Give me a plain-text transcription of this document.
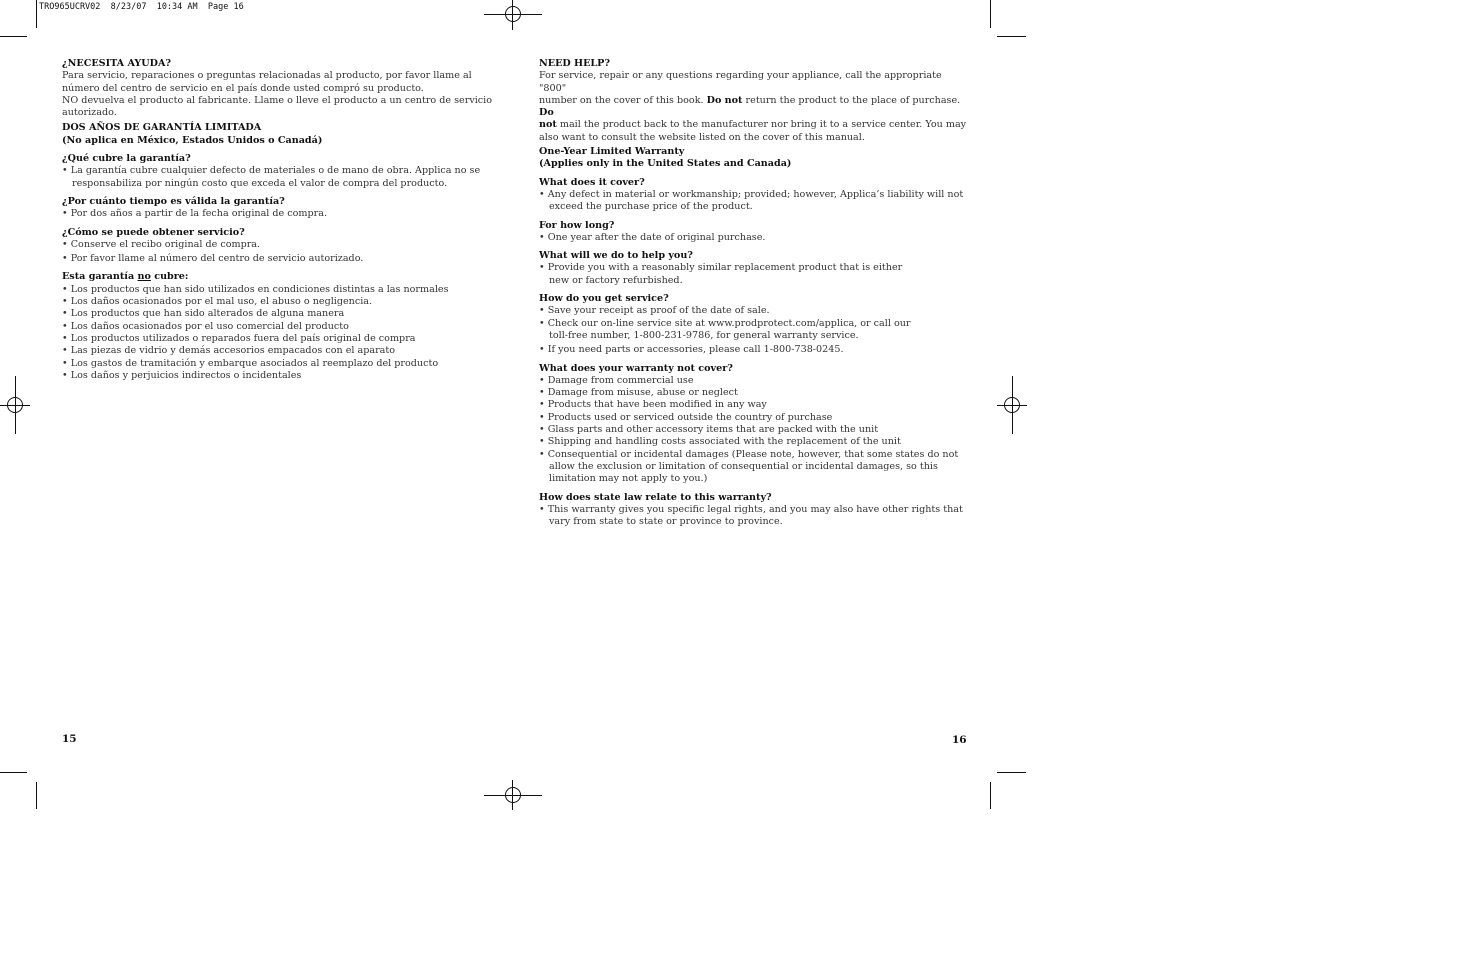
TRO965UCRV02  8/23/07  10:34 AM  Page 16

¿NECESITA AYUDA?

Para servicio, reparaciones o preguntas relacionadas al producto, por favor llame al

número del centro de servicio en el país donde usted compró su producto.

NO devuelva el producto al fabricante. Llame o lleve el producto a un centro de servicio

autorizado.

DOS AÑOS DE GARANTÍA LIMITADA

(No aplica en México, Estados Unidos o Canadá)

¿Qué cubre la garantía?

• La garantía cubre cualquier defecto de materiales o de mano de obra. Applica no se
responsabiliza por ningún costo que exceda el valor de compra del producto.

¿Por cuánto tiempo es válida la garantía?

• Por dos años a partir de la fecha original de compra.

¿Cómo se puede obtener servicio?

• Conserve el recibo original de compra.
• Por favor llame al número del centro de servicio autorizado.

Esta garantía no cubre:

• Los productos que han sido utilizados en condiciones distintas a las normales
• Los daños ocasionados por el mal uso, el abuso o negligencia.
• Los productos que han sido alterados de alguna manera
• Los daños ocasionados por el uso comercial del producto
• Los productos utilizados o reparados fuera del país original de compra
• Las piezas de vidrio y demás accesorios empacados con el aparato
• Los gastos de tramitación y embarque asociados al reemplazo del producto
• Los daños y perjuicios indirectos o incidentales

NEED HELP?

For service, repair or any questions regarding your appliance, call the appropriate "800"

number on the cover of this book. Do not return the product to the place of purchase. Do

not mail the product back to the manufacturer nor bring it to a service center. You may

also want to consult the website listed on the cover of this manual.

One-Year Limited Warranty

(Applies only in the United States and Canada)

What does it cover?

• Any defect in material or workmanship; provided; however, Applica’s liability will not
exceed the purchase price of the product.

For how long?

• One year after the date of original purchase.

What will we do to help you?

• Provide you with a reasonably similar replacement product that is either
new or factory refurbished.

How do you get service?

• Save your receipt as proof of the date of sale.
• Check our on-line service site at www.prodprotect.com/applica, or call our
toll-free number, 1-800-231-9786, for general warranty service.
• If you need parts or accessories, please call 1-800-738-0245.

What does your warranty not cover?

• Damage from commercial use
• Damage from misuse, abuse or neglect
• Products that have been modified in any way
• Products used or serviced outside the country of purchase
• Glass parts and other accessory items that are packed with the unit
• Shipping and handling costs associated with the replacement of the unit
• Consequential or incidental damages (Please note, however, that some states do not
allow the exclusion or limitation of consequential or incidental damages, so this
limitation may not apply to you.)

How does state law relate to this warranty?

• This warranty gives you specific legal rights, and you may also have other rights that
vary from state to state or province to province.
15	16
